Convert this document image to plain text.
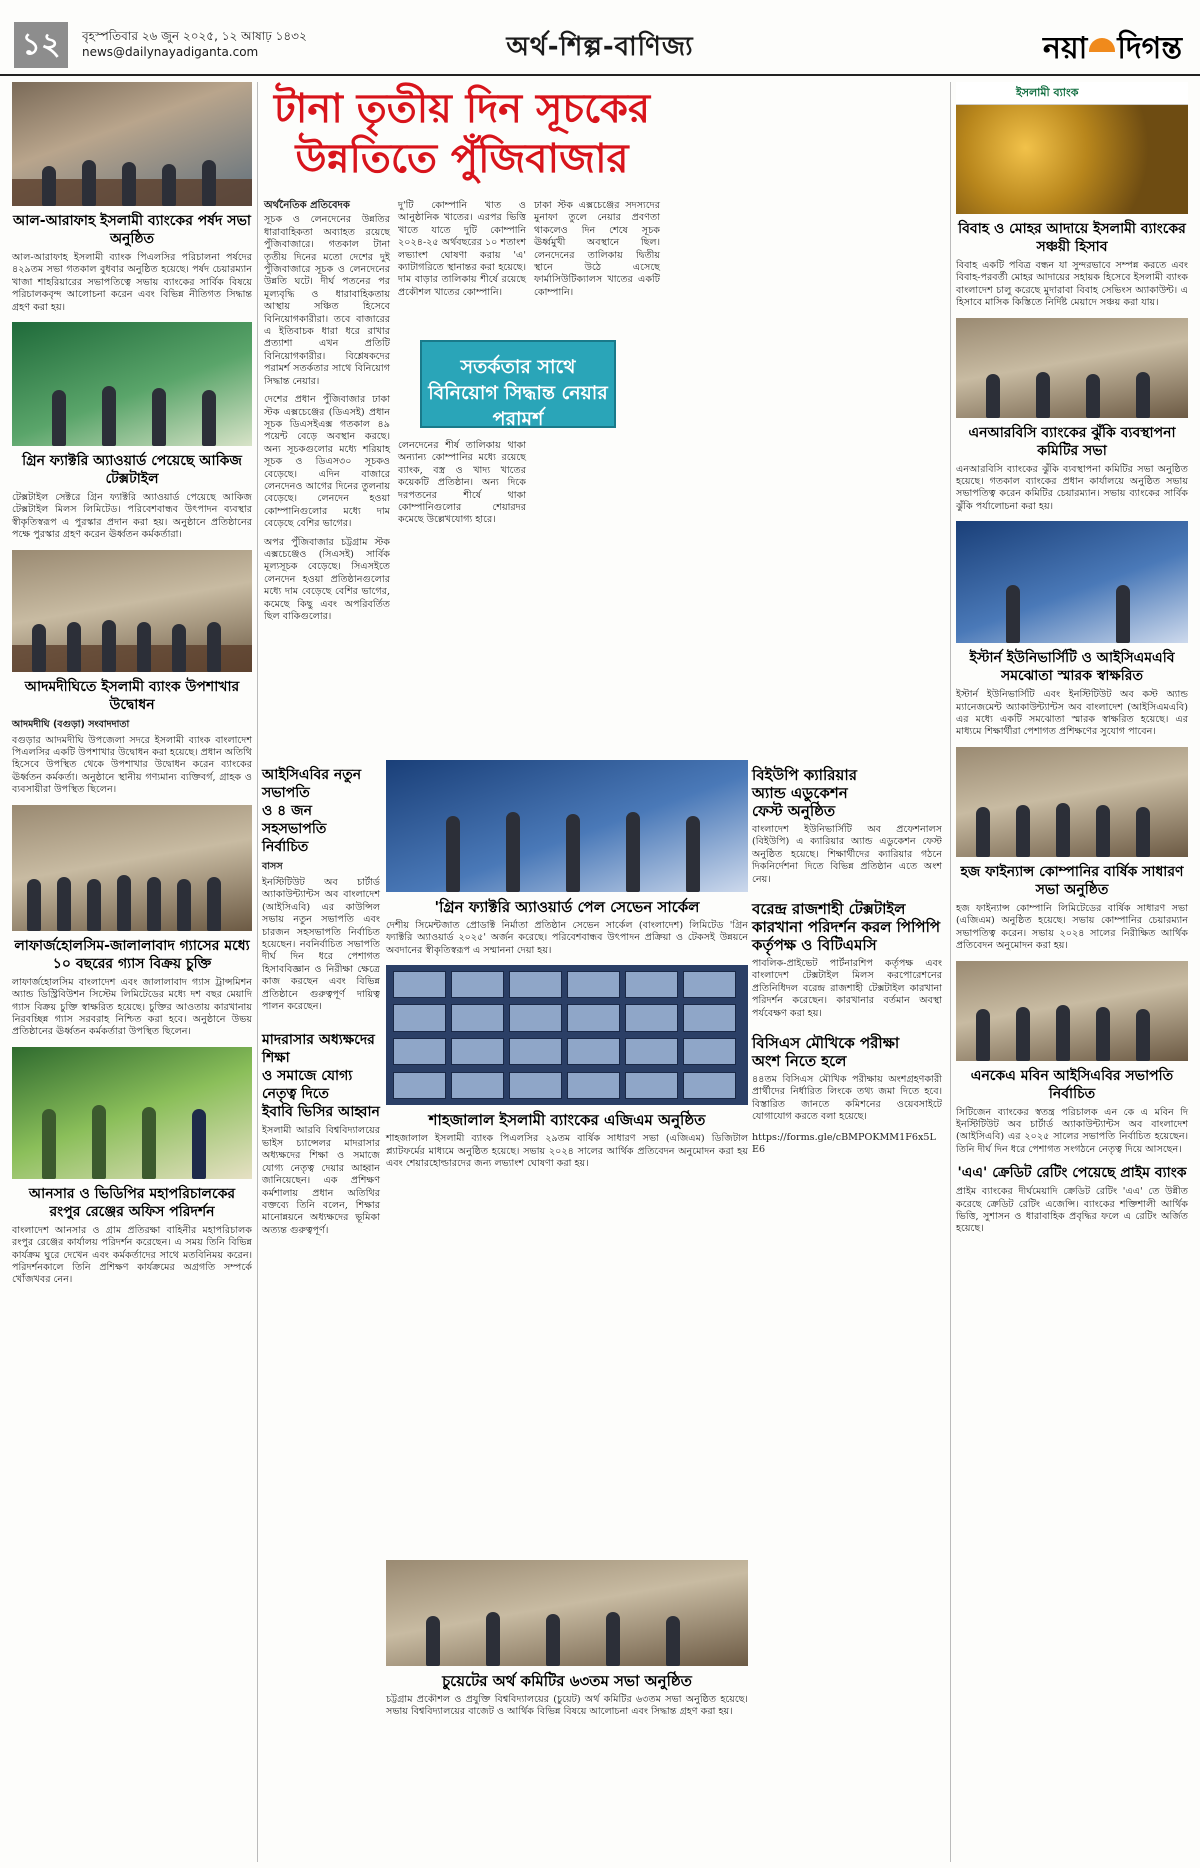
১২	বৃহস্পতিবার ২৬ জুন ২০২৫, ১২ আষাঢ় ১৪৩২
news@dailynayadiganta.com	অর্থ-শিল্প-বাণিজ্য	নয়া দিগন্ত
আল-আরাফাহ ইসলামী ব্যাংকের পর্ষদ সভা অনুষ্ঠিত

আল-আরাফাহ ইসলামী ব্যাংক পিএলসির পরিচালনা পর্ষদের ৪২৯তম সভা গতকাল বুধবার অনুষ্ঠিত হয়েছে। পর্ষদ চেয়ারম্যান খাজা শাহরিয়ারের সভাপতিত্বে সভায় ব্যাংকের সার্বিক বিষয়ে পরিচালকবৃন্দ আলোচনা করেন এবং বিভিন্ন নীতিগত সিদ্ধান্ত গ্রহণ করা হয়।

গ্রিন ফ্যাক্টরি অ্যাওয়ার্ড পেয়েছে আকিজ টেক্সটাইল

টেক্সটাইল সেক্টরে গ্রিন ফ্যাক্টরি অ্যাওয়ার্ড পেয়েছে আকিজ টেক্সটাইল মিলস লিমিটেড। পরিবেশবান্ধব উৎপাদন ব্যবস্থার স্বীকৃতিস্বরূপ এ পুরস্কার প্রদান করা হয়। অনুষ্ঠানে প্রতিষ্ঠানের পক্ষে পুরস্কার গ্রহণ করেন ঊর্ধ্বতন কর্মকর্তারা।

আদমদীঘিতে ইসলামী ব্যাংক উপশাখার উদ্বোধন
আদমদীঘি (বগুড়া) সংবাদদাতা

বগুড়ার আদমদীঘি উপজেলা সদরে ইসলামী ব্যাংক বাংলাদেশ পিএলসির একটি উপশাখার উদ্বোধন করা হয়েছে। প্রধান অতিথি হিসেবে উপস্থিত থেকে উপশাখার উদ্বোধন করেন ব্যাংকের ঊর্ধ্বতন কর্মকর্তা। অনুষ্ঠানে স্থানীয় গণ্যমান্য ব্যক্তিবর্গ, গ্রাহক ও ব্যবসায়ীরা উপস্থিত ছিলেন।

লাফার্জহোলসিম-জালালাবাদ গ্যাসের মধ্যে
১০ বছরের গ্যাস বিক্রয় চুক্তি

লাফার্জহোলসিম বাংলাদেশ এবং জালালাবাদ গ্যাস ট্রান্সমিশন অ্যান্ড ডিস্ট্রিবিউশন সিস্টেম লিমিটেডের মধ্যে দশ বছর মেয়াদি গ্যাস বিক্রয় চুক্তি স্বাক্ষরিত হয়েছে। চুক্তির আওতায় কারখানায় নিরবচ্ছিন্ন গ্যাস সরবরাহ নিশ্চিত করা হবে। অনুষ্ঠানে উভয় প্রতিষ্ঠানের ঊর্ধ্বতন কর্মকর্তারা উপস্থিত ছিলেন।

আনসার ও ভিডিপির মহাপরিচালকের
রংপুর রেঞ্জের অফিস পরিদর্শন

বাংলাদেশ আনসার ও গ্রাম প্রতিরক্ষা বাহিনীর মহাপরিচালক রংপুর রেঞ্জের কার্যালয় পরিদর্শন করেছেন। এ সময় তিনি বিভিন্ন কার্যক্রম ঘুরে দেখেন এবং কর্মকর্তাদের সাথে মতবিনিময় করেন। পরিদর্শনকালে তিনি প্রশিক্ষণ কার্যক্রমের অগ্রগতি সম্পর্কে খোঁজখবর নেন।

টানা তৃতীয় দিন সূচকের
উন্নতিতে পুঁজিবাজার
অর্থনৈতিক প্রতিবেদক

সূচক ও লেনদেনের উন্নতির ধারাবাহিকতা অব্যাহত রয়েছে পুঁজিবাজারে। গতকাল টানা তৃতীয় দিনের মতো দেশের দুই পুঁজিবাজারে সূচক ও লেনদেনের উন্নতি ঘটে। দীর্ঘ পতনের পর মূল্যবৃদ্ধি ও ধারাবাহিকতায় আস্থায় সঞ্চিত হিসেবে বিনিয়োগকারীরা। তবে বাজারের এ ইতিবাচক ধারা ধরে রাখার প্রত্যাশা এখন প্রতিটি বিনিয়োগকারীর। বিশ্লেষকদের পরামর্শ সতর্কতার সাথে বিনিয়োগ সিদ্ধান্ত নেয়ার।

দেশের প্রধান পুঁজিবাজার ঢাকা স্টক এক্সচেঞ্জের (ডিএসই) প্রধান সূচক ডিএসইএক্স গতকাল ৪৯ পয়েন্ট বেড়ে অবস্থান করছে। অন্য সূচকগুলোর মধ্যে শরিয়াহ সূচক ও ডিএস৩০ সূচকও বেড়েছে। এদিন বাজারে লেনদেনও আগের দিনের তুলনায় বেড়েছে। লেনদেন হওয়া কোম্পানিগুলোর মধ্যে দাম বেড়েছে বেশির ভাগের।

অপর পুঁজিবাজার চট্টগ্রাম স্টক এক্সচেঞ্জেও (সিএসই) সার্বিক মূল্যসূচক বেড়েছে। সিএসইতে লেনদেন হওয়া প্রতিষ্ঠানগুলোর মধ্যে দাম বেড়েছে বেশির ভাগের, কমেছে কিছু এবং অপরিবর্তিত ছিল বাকিগুলোর।

দু'টি কোম্পানি খাত ও আনুষ্ঠানিক খাতের। এরপর ভিত্তি খাতে যাতে দুটি কোম্পানি ২০২৪-২৫ অর্থবছরের ১০ শতাংশ লভ্যাংশ ঘোষণা করায় 'এ' ক্যাটাগরিতে স্থানান্তর করা হয়েছে। দাম বাড়ার তালিকায় শীর্ষে রয়েছে প্রকৌশল খাতের কোম্পানি।

সতর্কতার সাথে বিনিয়োগ সিদ্ধান্ত নেয়ার পরামর্শ

লেনদেনের শীর্ষ তালিকায় থাকা অন্যান্য কোম্পানির মধ্যে রয়েছে ব্যাংক, বস্ত্র ও খাদ্য খাতের কয়েকটি প্রতিষ্ঠান। অন্য দিকে দরপতনের শীর্ষে থাকা কোম্পানিগুলোর শেয়ারদর কমেছে উল্লেখযোগ্য হারে।

ঢাকা স্টক এক্সচেঞ্জের সদস্যদের মুনাফা তুলে নেয়ার প্রবণতা থাকলেও দিন শেষে সূচক ঊর্ধ্বমুখী অবস্থানে ছিল। লেনদেনের তালিকায় দ্বিতীয় স্থানে উঠে এসেছে ফার্মাসিউটিক্যালস খাতের একটি কোম্পানি।

আইসিএবির নতুন সভাপতি
ও ৪ জন সহসভাপতি
নির্বাচিত
বাসস

ইনস্টিটিউট অব চার্টার্ড অ্যাকাউন্ট্যান্টস অব বাংলাদেশ (আইসিএবি) এর কাউন্সিল সভায় নতুন সভাপতি এবং চারজন সহসভাপতি নির্বাচিত হয়েছেন। নবনির্বাচিত সভাপতি দীর্ঘ দিন ধরে পেশাগত হিসাববিজ্ঞান ও নিরীক্ষা ক্ষেত্রে কাজ করছেন এবং বিভিন্ন প্রতিষ্ঠানে গুরুত্বপূর্ণ দায়িত্ব পালন করেছেন।

মাদরাসার অধ্যক্ষদের শিক্ষা
ও সমাজে যোগ্য নেতৃত্ব দিতে
ইবাবি ভিসির আহ্বান

ইসলামী আরবি বিশ্ববিদ্যালয়ের ভাইস চ্যান্সেলর মাদরাসার অধ্যক্ষদের শিক্ষা ও সমাজে যোগ্য নেতৃত্ব দেয়ার আহ্বান জানিয়েছেন। এক প্রশিক্ষণ কর্মশালায় প্রধান অতিথির বক্তব্যে তিনি বলেন, শিক্ষার মানোন্নয়নে অধ্যক্ষদের ভূমিকা অত্যন্ত গুরুত্বপূর্ণ।

'গ্রিন ফ্যাক্টরি অ্যাওয়ার্ড পেল সেভেন সার্কেল

দেশীয় সিমেন্টজাত প্রোডাক্ট নির্মাতা প্রতিষ্ঠান সেভেন সার্কেল (বাংলাদেশ) লিমিটেড 'গ্রিন ফ্যাক্টরি অ্যাওয়ার্ড ২০২৫' অর্জন করেছে। পরিবেশবান্ধব উৎপাদন প্রক্রিয়া ও টেকসই উন্নয়নে অবদানের স্বীকৃতিস্বরূপ এ সম্মাননা দেয়া হয়।

শাহজালাল ইসলামী ব্যাংকের এজিএম অনুষ্ঠিত

শাহজালাল ইসলামী ব্যাংক পিএলসির ২৯তম বার্ষিক সাধারণ সভা (এজিএম) ডিজিটাল প্ল্যাটফর্মের মাধ্যমে অনুষ্ঠিত হয়েছে। সভায় ২০২৪ সালের আর্থিক প্রতিবেদন অনুমোদন করা হয় এবং শেয়ারহোল্ডারদের জন্য লভ্যাংশ ঘোষণা করা হয়।

বিইউপি ক্যারিয়ার
অ্যান্ড এডুকেশন
ফেস্ট অনুষ্ঠিত

বাংলাদেশ ইউনিভার্সিটি অব প্রফেশনালস (বিইউপি) এ ক্যারিয়ার অ্যান্ড এডুকেশন ফেস্ট অনুষ্ঠিত হয়েছে। শিক্ষার্থীদের ক্যারিয়ার গঠনে দিকনির্দেশনা দিতে বিভিন্ন প্রতিষ্ঠান এতে অংশ নেয়।

বরেন্দ্র রাজশাহী টেক্সটাইল
কারখানা পরিদর্শন করল পিপিপি
কর্তৃপক্ষ ও বিটিএমসি

পাবলিক-প্রাইভেট পার্টনারশিপ কর্তৃপক্ষ এবং বাংলাদেশ টেক্সটাইল মিলস করপোরেশনের প্রতিনিধিদল বরেন্দ্র রাজশাহী টেক্সটাইল কারখানা পরিদর্শন করেছেন। কারখানার বর্তমান অবস্থা পর্যবেক্ষণ করা হয়।

বিসিএস মৌখিকে পরীক্ষা
অংশ নিতে হলে

৪৪তম বিসিএস মৌখিক পরীক্ষায় অংশগ্রহণকারী প্রার্থীদের নির্ধারিত লিংকে তথ্য জমা দিতে হবে। বিস্তারিত জানতে কমিশনের ওয়েবসাইটে যোগাযোগ করতে বলা হয়েছে।

https://forms.gle/cBMPOKMM1F6x5LE6

চুয়েটের অর্থ কমিটির ৬৩তম সভা অনুষ্ঠিত

চট্টগ্রাম প্রকৌশল ও প্রযুক্তি বিশ্ববিদ্যালয়ের (চুয়েট) অর্থ কমিটির ৬৩তম সভা অনুষ্ঠিত হয়েছে। সভায় বিশ্ববিদ্যালয়ের বাজেট ও আর্থিক বিভিন্ন বিষয়ে আলোচনা এবং সিদ্ধান্ত গ্রহণ করা হয়।

ইসলামী ব্যাংক
বিবাহ ও মোহর আদায়ে ইসলামী ব্যাংকের
সঞ্চয়ী হিসাব

বিবাহ একটি পবিত্র বন্ধন যা সুন্দরভাবে সম্পন্ন করতে এবং বিবাহ-পরবর্তী মোহর আদায়ের সহায়ক হিসেবে ইসলামী ব্যাংক বাংলাদেশ চালু করেছে মুদারাবা বিবাহ সেভিংস অ্যাকাউন্ট। এ হিসাবে মাসিক কিস্তিতে নির্দিষ্ট মেয়াদে সঞ্চয় করা যায়।

এনআরবিসি ব্যাংকের ঝুঁকি ব্যবস্থাপনা কমিটির সভা

এনআরবিসি ব্যাংকের ঝুঁকি ব্যবস্থাপনা কমিটির সভা অনুষ্ঠিত হয়েছে। গতকাল ব্যাংকের প্রধান কার্যালয়ে অনুষ্ঠিত সভায় সভাপতিত্ব করেন কমিটির চেয়ারম্যান। সভায় ব্যাংকের সার্বিক ঝুঁকি পর্যালোচনা করা হয়।

ইস্টার্ন ইউনিভার্সিটি ও আইসিএমএবি
সমঝোতা স্মারক স্বাক্ষরিত

ইস্টার্ন ইউনিভার্সিটি এবং ইনস্টিটিউট অব কস্ট অ্যান্ড ম্যানেজমেন্ট অ্যাকাউন্ট্যান্টস অব বাংলাদেশ (আইসিএমএবি) এর মধ্যে একটি সমঝোতা স্মারক স্বাক্ষরিত হয়েছে। এর মাধ্যমে শিক্ষার্থীরা পেশাগত প্রশিক্ষণের সুযোগ পাবেন।

হজ ফাইন্যান্স কোম্পানির বার্ষিক সাধারণ সভা অনুষ্ঠিত

হজ ফাইন্যান্স কোম্পানি লিমিটেডের বার্ষিক সাধারণ সভা (এজিএম) অনুষ্ঠিত হয়েছে। সভায় কোম্পানির চেয়ারম্যান সভাপতিত্ব করেন। সভায় ২০২৪ সালের নিরীক্ষিত আর্থিক প্রতিবেদন অনুমোদন করা হয়।

এনকেএ মবিন আইসিএবির সভাপতি নির্বাচিত

সিটিজেন ব্যাংকের স্বতন্ত্র পরিচালক এন কে এ মবিন দি ইনস্টিটিউট অব চার্টার্ড অ্যাকাউন্ট্যান্টস অব বাংলাদেশ (আইসিএবি) এর ২০২৫ সালের সভাপতি নির্বাচিত হয়েছেন। তিনি দীর্ঘ দিন ধরে পেশাগত সংগঠনে নেতৃত্ব দিয়ে আসছেন।

'এএ' ক্রেডিট রেটিং পেয়েছে প্রাইম ব্যাংক

প্রাইম ব্যাংকের দীর্ঘমেয়াদি ক্রেডিট রেটিং 'এএ' তে উন্নীত করেছে ক্রেডিট রেটিং এজেন্সি। ব্যাংকের শক্তিশালী আর্থিক ভিত্তি, সুশাসন ও ধারাবাহিক প্রবৃদ্ধির ফলে এ রেটিং অর্জিত হয়েছে।
